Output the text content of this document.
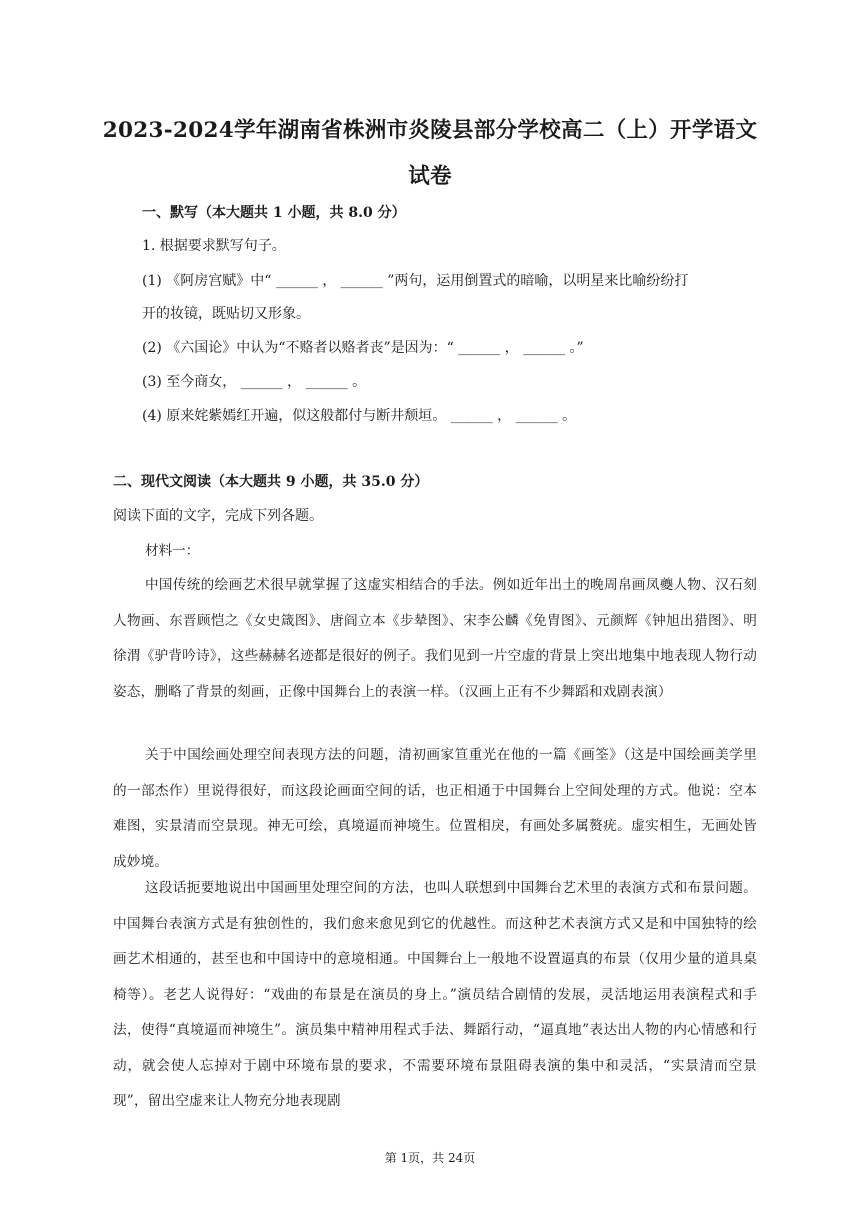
2023-2024学年湖南省株洲市炎陵县部分学校高二（上）开学语文试卷
一、默写（本大题共 1 小题，共 8.0 分）
1. 根据要求默写句子。
(1) 《阿房宫赋》中“ ______ ， ______ ”两句，运用倒置式的暗喻，以明星来比喻纷纷打
开的妆镜，既贴切又形象。
(2) 《六国论》中认为“不赂者以赂者丧”是因为：“ ______ ， ______ 。”
(3) 至今商女， ______ ， ______ 。
(4) 原来姹紫嫣红开遍，似这般都付与断井颓垣。 ______ ， ______ 。
二、现代文阅读（本大题共 9 小题，共 35.0 分）
阅读下面的文字，完成下列各题。
材料一：
中国传统的绘画艺术很早就掌握了这虚实相结合的手法。例如近年出土的晚周帛画凤夔人物、汉石刻人物画、东晋顾恺之《女史箴图》、唐阎立本《步辇图》、宋李公麟《免胄图》、元颜辉《钟旭出猎图》、明徐渭《驴背吟诗》，这些赫赫名迹都是很好的例子。我们见到一片空虚的背景上突出地集中地表现人物行动姿态，删略了背景的刻画，正像中国舞台上的表演一样。（汉画上正有不少舞蹈和戏剧表演）
关于中国绘画处理空间表现方法的问题，清初画家笪重光在他的一篇《画筌》（这是中国绘画美学里的一部杰作）里说得很好，而这段论画面空间的话，也正相通于中国舞台上空间处理的方式。他说：空本难图，实景清而空景现。神无可绘，真境逼而神境生。位置相戾，有画处多属赘疣。虚实相生，无画处皆成妙境。
这段话扼要地说出中国画里处理空间的方法，也叫人联想到中国舞台艺术里的表演方式和布景问题。中国舞台表演方式是有独创性的，我们愈来愈见到它的优越性。而这种艺术表演方式又是和中国独特的绘画艺术相通的，甚至也和中国诗中的意境相通。中国舞台上一般地不设置逼真的布景（仅用少量的道具桌椅等）。老艺人说得好：“戏曲的布景是在演员的身上。”演员结合剧情的发展，灵活地运用表演程式和手法，使得“真境逼而神境生”。演员集中精神用程式手法、舞蹈行动，“逼真地”表达出人物的内心情感和行动，就会使人忘掉对于剧中环境布景的要求，不需要环境布景阻碍表演的集中和灵活，“实景清而空景现”，留出空虚来让人物充分地表现剧
第 1页，共 24页
